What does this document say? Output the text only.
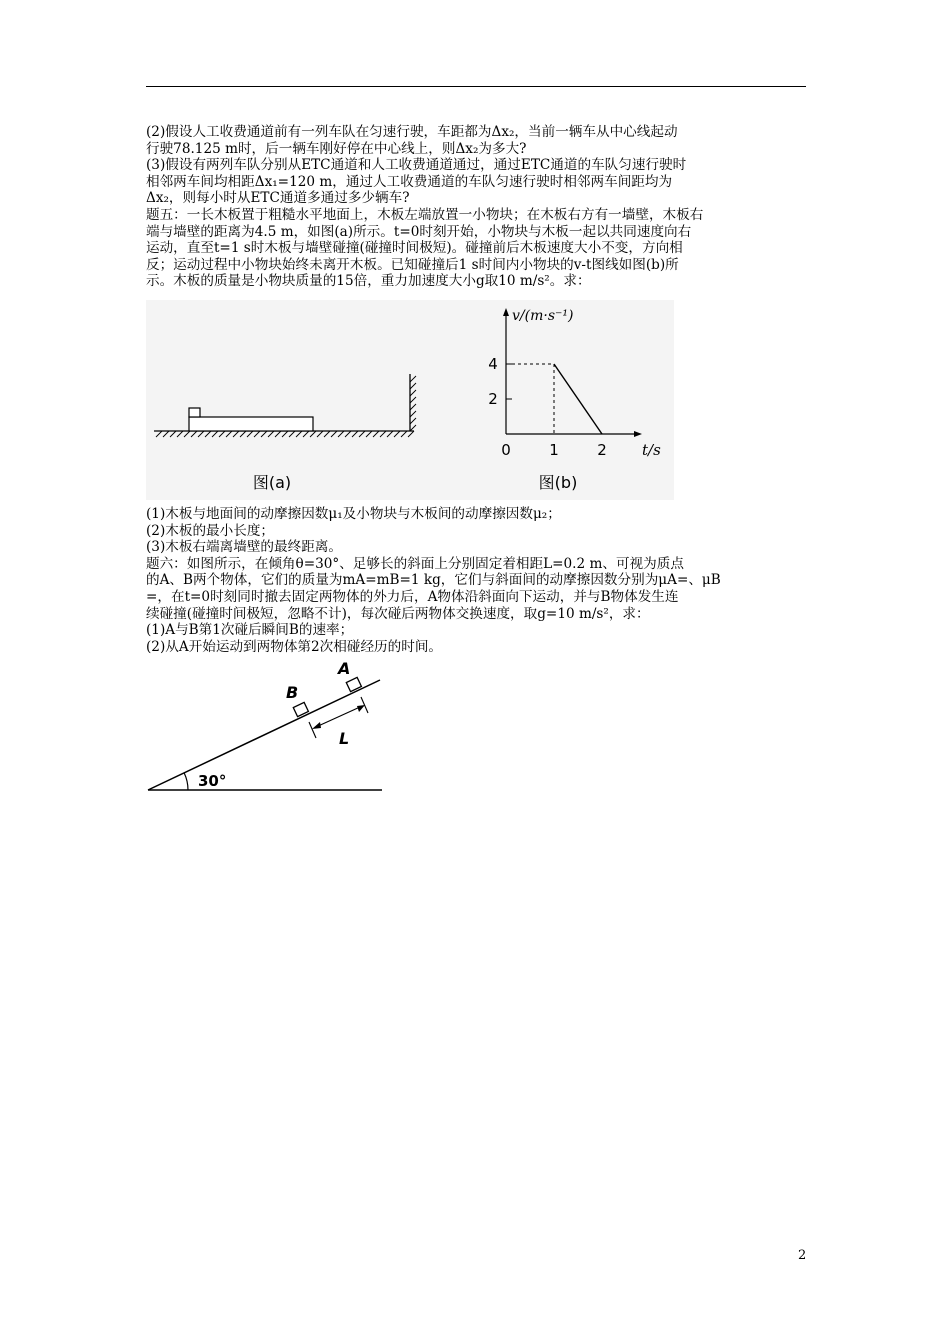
(2)假设人工收费通道前有一列车队在匀速行驶，车距都为Δx₂，当前一辆车从中心线起动

行驶78.125 m时，后一辆车刚好停在中心线上，则Δx₂为多大?

(3)假设有两列车队分别从ETC通道和人工收费通道通过，通过ETC通道的车队匀速行驶时

相邻两车间均相距Δx₁=120 m，通过人工收费通道的车队匀速行驶时相邻两车间距均为

Δx₂，则每小时从ETC通道多通过多少辆车?

题五：一长木板置于粗糙水平地面上，木板左端放置一小物块；在木板右方有一墙壁，木板右

端与墙壁的距离为4.5 m，如图(a)所示。t=0时刻开始，小物块与木板一起以共同速度向右

运动，直至t=1 s时木板与墙壁碰撞(碰撞时间极短)。碰撞前后木板速度大小不变，方向相

反；运动过程中小物块始终未离开木板。已知碰撞后1 s时间内小物块的v-t图线如图(b)所

示。木板的质量是小物块质量的15倍，重力加速度大小g取10 m/s²。求：

图(a)
v/(m·s⁻¹)
4
2
0	1	2 t/s
图(b)

(1)木板与地面间的动摩擦因数μ₁及小物块与木板间的动摩擦因数μ₂；

(2)木板的最小长度；

(3)木板右端离墙壁的最终距离。

题六：如图所示，在倾角θ=30°、足够长的斜面上分别固定着相距L=0.2 m、可视为质点

的A、B两个物体，它们的质量为mA=mB=1 kg，它们与斜面间的动摩擦因数分别为μA=、μB

=，在t=0时刻同时撤去固定两物体的外力后，A物体沿斜面向下运动，并与B物体发生连

续碰撞(碰撞时间极短，忽略不计)，每次碰后两物体交换速度，取g=10 m/s²，求：

(1)A与B第1次碰后瞬间B的速率；

(2)从A开始运动到两物体第2次相碰经历的时间。

30°
B
A
L
2
